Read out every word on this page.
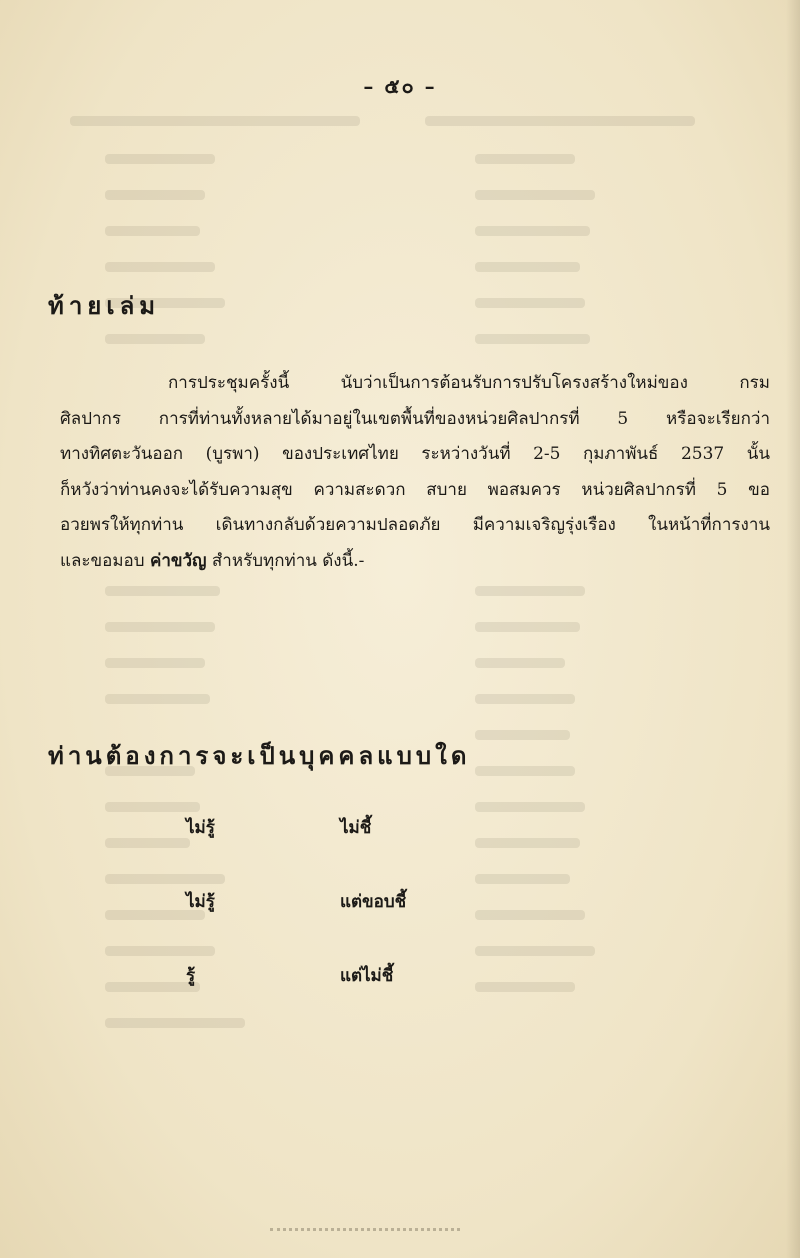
– ๕๐ –
ท้ายเล่ม
การประชุมครั้งนี้ นับว่าเป็นการต้อนรับการปรับโครงสร้างใหม่ของ กรม
ศิลปากร การที่ท่านทั้งหลายได้มาอยู่ในเขตพื้นที่ของหน่วยศิลปากรที่ 5 หรือจะเรียกว่า
ทางทิศตะวันออก (บูรพา) ของประเทศไทย ระหว่างวันที่ 2-5 กุมภาพันธ์ 2537 นั้น
ก็หวังว่าท่านคงจะได้รับความสุข ความสะดวก สบาย พอสมควร หน่วยศิลปากรที่ 5 ขอ
อวยพรให้ทุกท่าน เดินทางกลับด้วยความปลอดภัย มีความเจริญรุ่งเรือง ในหน้าที่การงาน
และขอมอบ ค่าขวัญ สำหรับทุกท่าน ดังนี้.-
ท่านต้องการจะเป็นบุคคลแบบใด
ไม่รู้	ไม่ชี้
ไม่รู้	แต่ขอบชี้
รู้	แต่ไม่ชี้
